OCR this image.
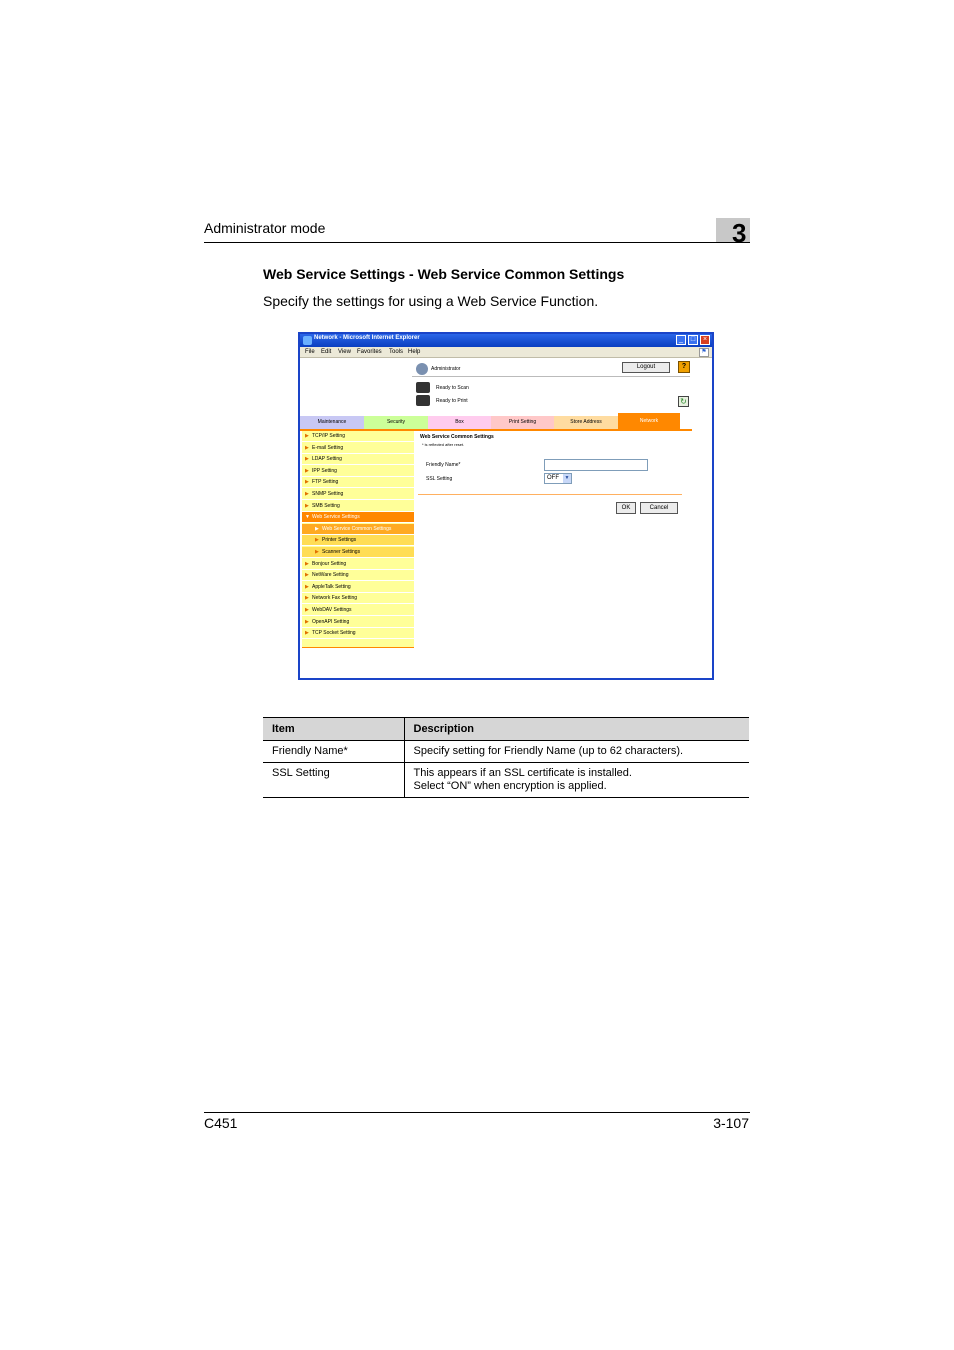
Administrator mode	3
Web Service Settings - Web Service Common Settings
Specify the settings for using a Web Service Function.
Network - Microsoft Internet Explorer	_	□	×
File Edit View Favorites Tools Help	⚑
Administrator	Logout	?
Ready to Scan
Ready to Print	↻
Maintenance	Security	Box	Print Setting	Store Address	Network
▶ TCP/IP Setting
▶ E-mail Setting
▶ LDAP Setting
▶ IPP Setting
▶ FTP Setting
▶ SNMP Setting
▶ SMB Setting
▼ Web Service Settings
▶ Web Service Common Settings
▶ Printer Settings
▶ Scanner Settings
▶ Bonjour Setting
▶ NetWare Setting
▶ AppleTalk Setting
▶ Network Fax Setting
▶ WebDAV Settings
▶ OpenAPI Setting
▶ TCP Socket Setting
Web Service Common Settings
* is reflected after reset.
Friendly Name*
SSL Setting	OFF	▼
OK	Cancel
Item	Description
Friendly Name*	Specify setting for Friendly Name (up to 62 characters).

SSL Setting	This appears if an SSL certificate is installed.
Select “ON” when encryption is applied.
C451	3-107
